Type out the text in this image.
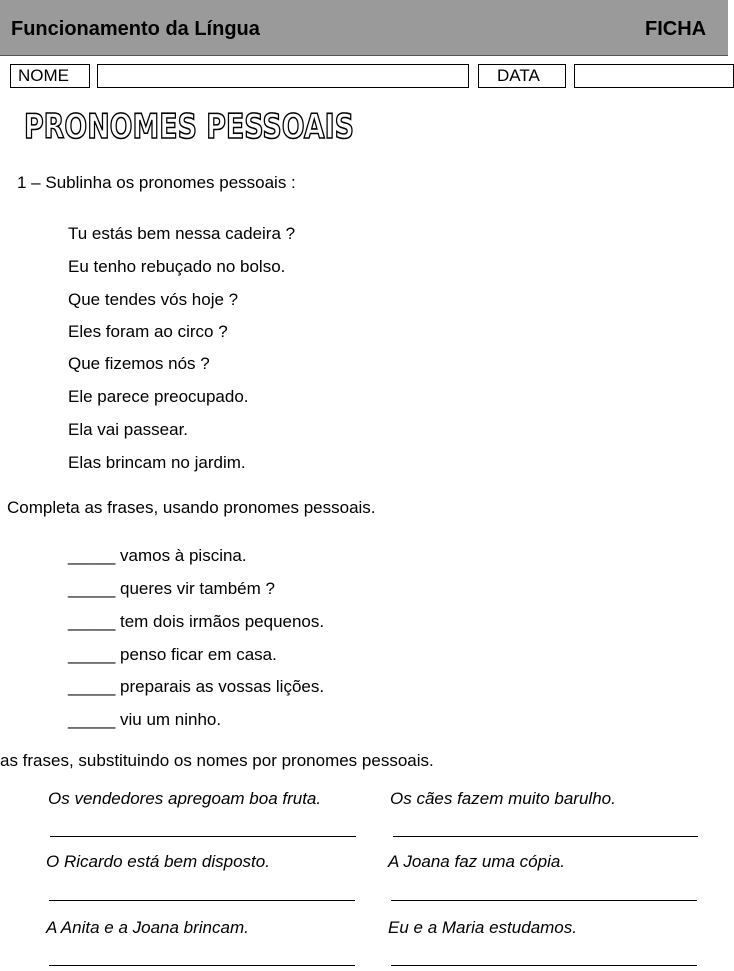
Funcionamento da Língua	FICHA
NOME	DATA
PRONOMES PESSOAIS
1 – Sublinha os pronomes pessoais :
Tu estás bem nessa cadeira ?
Eu tenho rebuçado no bolso.
Que tendes vós hoje ?
Eles foram ao circo ?
Que fizemos nós ?
Ele parece preocupado.
Ela vai passear.
Elas brincam no jardim.
Completa as frases, usando pronomes pessoais.
_____ vamos à piscina.
_____ queres vir também ?
_____ tem dois irmãos pequenos.
_____ penso ficar em casa.
_____ preparais as vossas lições.
_____ viu um ninho.
as frases, substituindo os nomes por pronomes pessoais.
Os vendedores apregoam boa fruta.	Os cães fazem muito barulho.
O Ricardo está bem disposto.	A Joana faz uma cópia.
A Anita e a Joana brincam.	Eu e a Maria estudamos.
